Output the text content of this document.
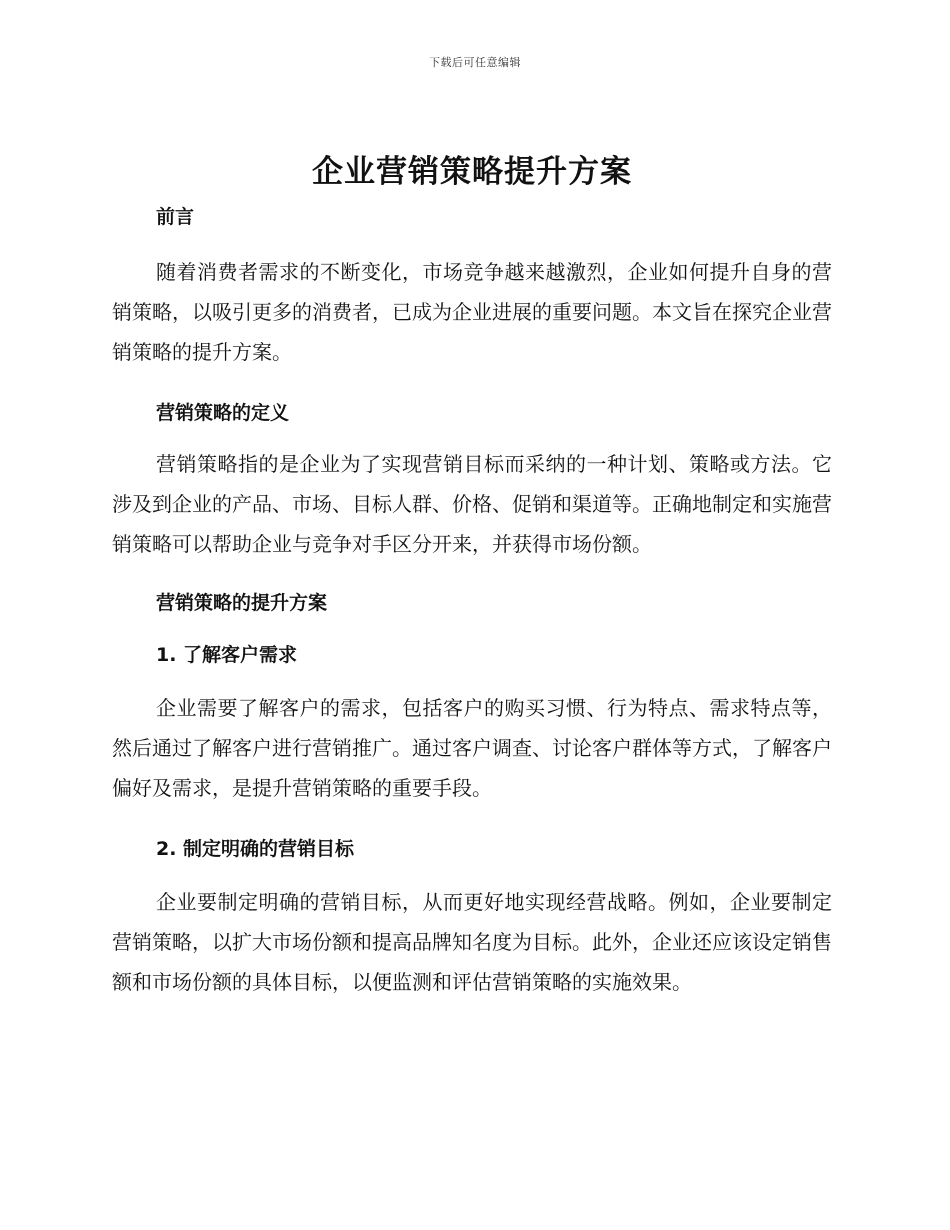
下载后可任意编辑
企业营销策略提升方案
前言

随着消费者需求的不断变化，市场竞争越来越激烈，企业如何提升自身的营销策略，以吸引更多的消费者，已成为企业进展的重要问题。本文旨在探究企业营销策略的提升方案。

营销策略的定义

营销策略指的是企业为了实现营销目标而采纳的一种计划、策略或方法。它涉及到企业的产品、市场、目标人群、价格、促销和渠道等。正确地制定和实施营销策略可以帮助企业与竞争对手区分开来，并获得市场份额。

营销策略的提升方案
1. 了解客户需求

企业需要了解客户的需求，包括客户的购买习惯、行为特点、需求特点等，然后通过了解客户进行营销推广。通过客户调查、讨论客户群体等方式，了解客户偏好及需求，是提升营销策略的重要手段。

2. 制定明确的营销目标

企业要制定明确的营销目标，从而更好地实现经营战略。例如，企业要制定营销策略，以扩大市场份额和提高品牌知名度为目标。此外，企业还应该设定销售额和市场份额的具体目标，以便监测和评估营销策略的实施效果。
